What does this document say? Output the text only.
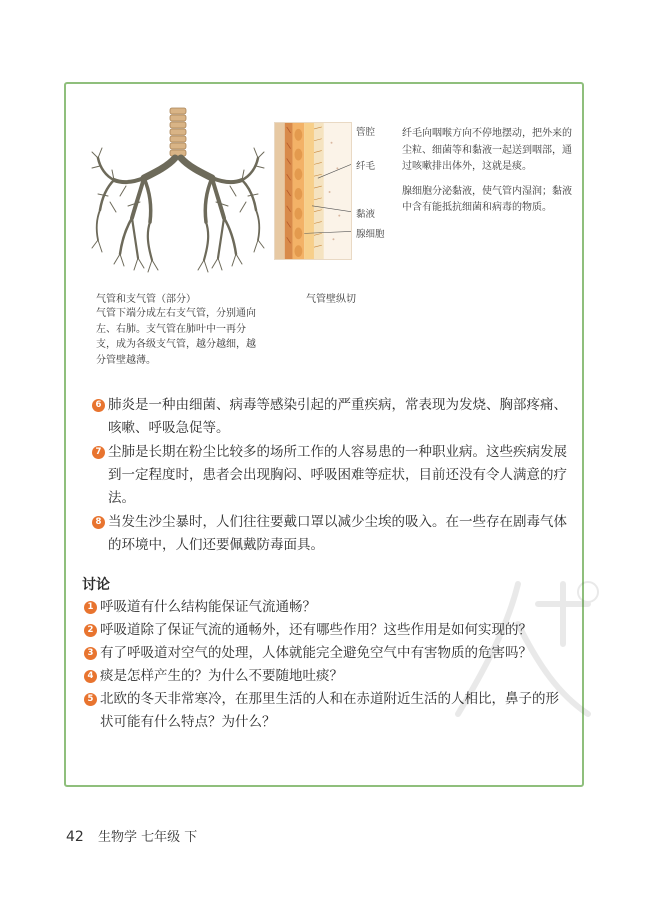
管腔
纤毛
黏液
腺细胞

纤毛向咽喉方向不停地摆动，把外来的尘粒、细菌等和黏液一起送到咽部，通过咳嗽排出体外，这就是痰。

腺细胞分泌黏液，使气管内湿润；黏液中含有能抵抗细菌和病毒的物质。

气管和支气管（部分）
气管下端分成左右支气管，分别通向左、右肺。支气管在肺叶中一再分支，成为各级支气管，越分越细，越分管壁越薄。
气管壁纵切
6 肺炎是一种由细菌、病毒等感染引起的严重疾病，常表现为发烧、胸部疼痛、咳嗽、呼吸急促等。
7 尘肺是长期在粉尘比较多的场所工作的人容易患的一种职业病。这些疾病发展到一定程度时，患者会出现胸闷、呼吸困难等症状，目前还没有令人满意的疗法。
8 当发生沙尘暴时，人们往往要戴口罩以减少尘埃的吸入。在一些存在剧毒气体的环境中，人们还要佩戴防毒面具。
讨论
1 呼吸道有什么结构能保证气流通畅？
2 呼吸道除了保证气流的通畅外，还有哪些作用？这些作用是如何实现的？
3 有了呼吸道对空气的处理，人体就能完全避免空气中有害物质的危害吗？
4 痰是怎样产生的？为什么不要随地吐痰？
5 北欧的冬天非常寒冷，在那里生活的人和在赤道附近生活的人相比，鼻子的形状可能有什么特点？为什么？
42 生物学 七年级 下
